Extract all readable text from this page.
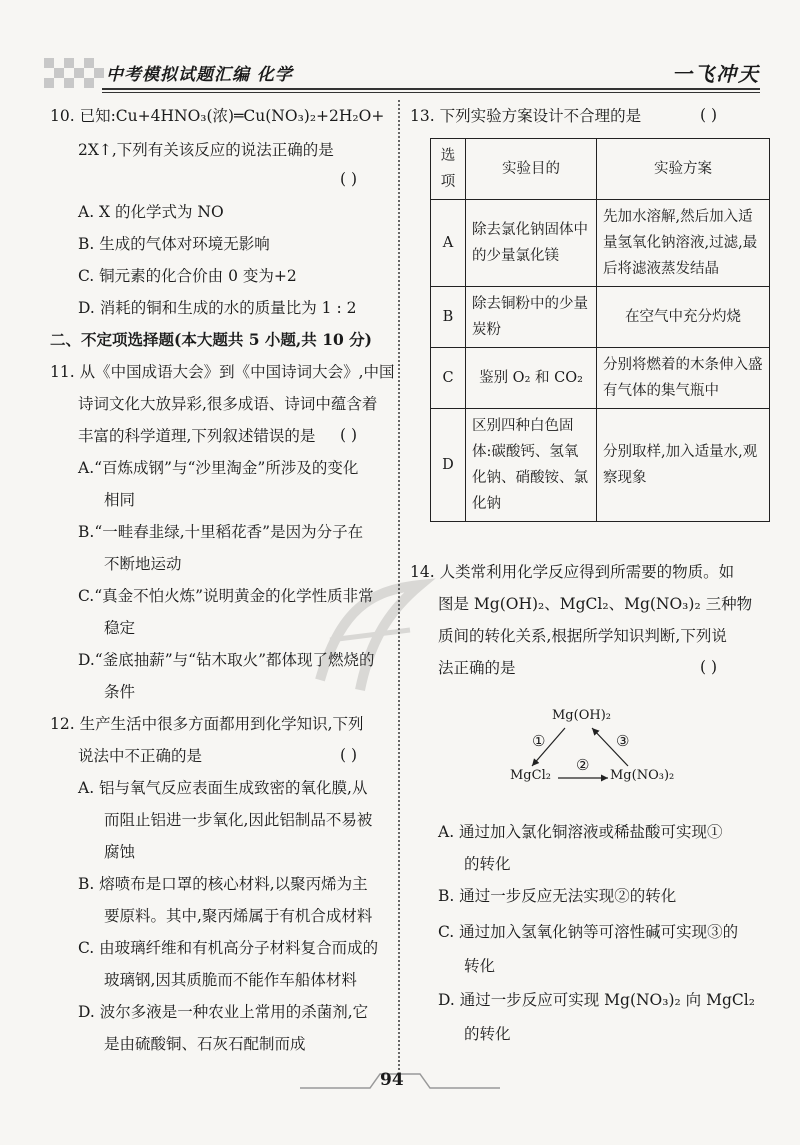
中考模拟试题汇编 化学	一飞冲天
10. 已知:Cu+4HNO₃(浓)═Cu(NO₃)₂+2H₂O+
2X↑,下列有关该反应的说法正确的是
( )
A. X 的化学式为 NO
B. 生成的气体对环境无影响
C. 铜元素的化合价由 0 变为+2
D. 消耗的铜和生成的水的质量比为 1 : 2
二、不定项选择题(本大题共 5 小题,共 10 分)
11. 从《中国成语大会》到《中国诗词大会》,中国
诗词文化大放异彩,很多成语、诗词中蕴含着
丰富的科学道理,下列叙述错误的是 ( )
A.“百炼成钢”与“沙里淘金”所涉及的变化
相同
B.“一畦春韭绿,十里稻花香”是因为分子在
不断地运动
C.“真金不怕火炼”说明黄金的化学性质非常
稳定
D.“釜底抽薪”与“钻木取火”都体现了燃烧的
条件
12. 生产生活中很多方面都用到化学知识,下列
说法中不正确的是	( )
A. 铝与氧气反应表面生成致密的氧化膜,从
而阻止铝进一步氧化,因此铝制品不易被
腐蚀
B. 熔喷布是口罩的核心材料,以聚丙烯为主
要原料。其中,聚丙烯属于有机合成材料
C. 由玻璃纤维和有机高分子材料复合而成的
玻璃钢,因其质脆而不能作车船体材料
D. 波尔多液是一种农业上常用的杀菌剂,它
是由硫酸铜、石灰石配制而成
13. 下列实验方案设计不合理的是	( )
选项	实验目的	实验方案
A	除去氯化钠固体中的少量氯化镁	先加水溶解,然后加入适量氢氧化钠溶液,过滤,最后将滤液蒸发结晶
B	除去铜粉中的少量炭粉	在空气中充分灼烧
C	鉴别 O₂ 和 CO₂	分别将燃着的木条伸入盛有气体的集气瓶中
D	区别四种白色固体:碳酸钙、氢氧化钠、硝酸铵、氯化钠	分别取样,加入适量水,观察现象
14. 人类常利用化学反应得到所需要的物质。如
图是 Mg(OH)₂、MgCl₂、Mg(NO₃)₂ 三种物
质间的转化关系,根据所学知识判断,下列说
法正确的是	( )
A. 通过加入氯化铜溶液或稀盐酸可实现①
的转化
B. 通过一步反应无法实现②的转化
C. 通过加入氢氧化钠等可溶性碱可实现③的
转化
D. 通过一步反应可实现 Mg(NO₃)₂ 向 MgCl₂
的转化
Mg(OH)₂
MgCl₂	Mg(NO₃)₂
①
②
③
94
